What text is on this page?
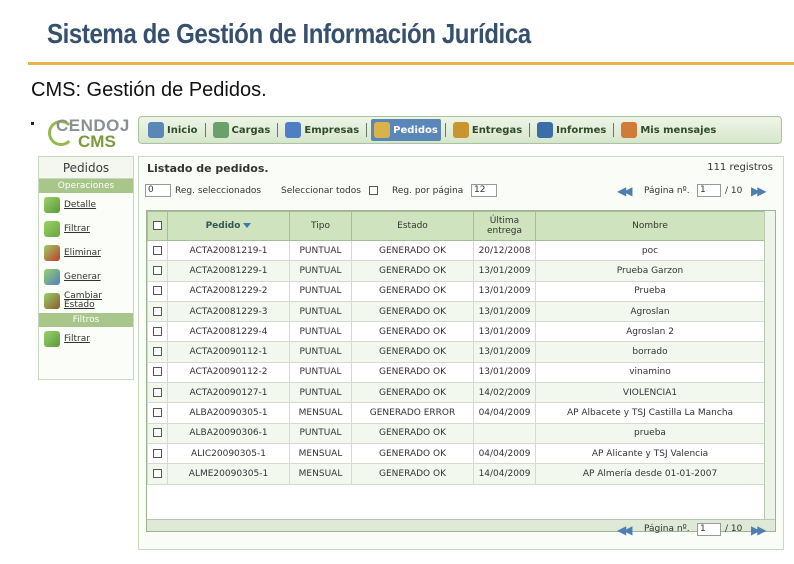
Sistema de Gestión de Información Jurídica
CMS: Gestión de Pedidos.
CENDOJ
CMS
Inicio	Cargas	Empresas	Pedidos	Entregas	Informes	Mis mensajes
Pedidos
Operaciones
Detalle
Filtrar
Eliminar
Generar
Cambiar Estado
Filtros
Filtrar
Listado de pedidos.	111 registros
0	Reg. seleccionados Seleccionar todos	Reg. por página	12	◀◀ Página nº.	1	/ 10 ▶▶
	Pedido	Tipo	Estado	Última entrega	Nombre
	ACTA20081219-1	PUNTUAL	GENERADO OK	20/12/2008	poc
	ACTA20081229-1	PUNTUAL	GENERADO OK	13/01/2009	Prueba Garzon
	ACTA20081229-2	PUNTUAL	GENERADO OK	13/01/2009	Prueba
	ACTA20081229-3	PUNTUAL	GENERADO OK	13/01/2009	Agroslan
	ACTA20081229-4	PUNTUAL	GENERADO OK	13/01/2009	Agroslan 2
	ACTA20090112-1	PUNTUAL	GENERADO OK	13/01/2009	borrado
	ACTA20090112-2	PUNTUAL	GENERADO OK	13/01/2009	vinamino
	ACTA20090127-1	PUNTUAL	GENERADO OK	14/02/2009	VIOLENCIA1
	ALBA20090305-1	MENSUAL	GENERADO ERROR	04/04/2009	AP Albacete y TSJ Castilla La Mancha
	ALBA20090306-1	PUNTUAL	GENERADO OK		prueba
	ALIC20090305-1	MENSUAL	GENERADO OK	04/04/2009	AP Alicante y TSJ Valencia
	ALME20090305-1	MENSUAL	GENERADO OK	14/04/2009	AP Almería desde 01-01-2007
◀◀ Página nº.	1	/ 10 ▶▶
